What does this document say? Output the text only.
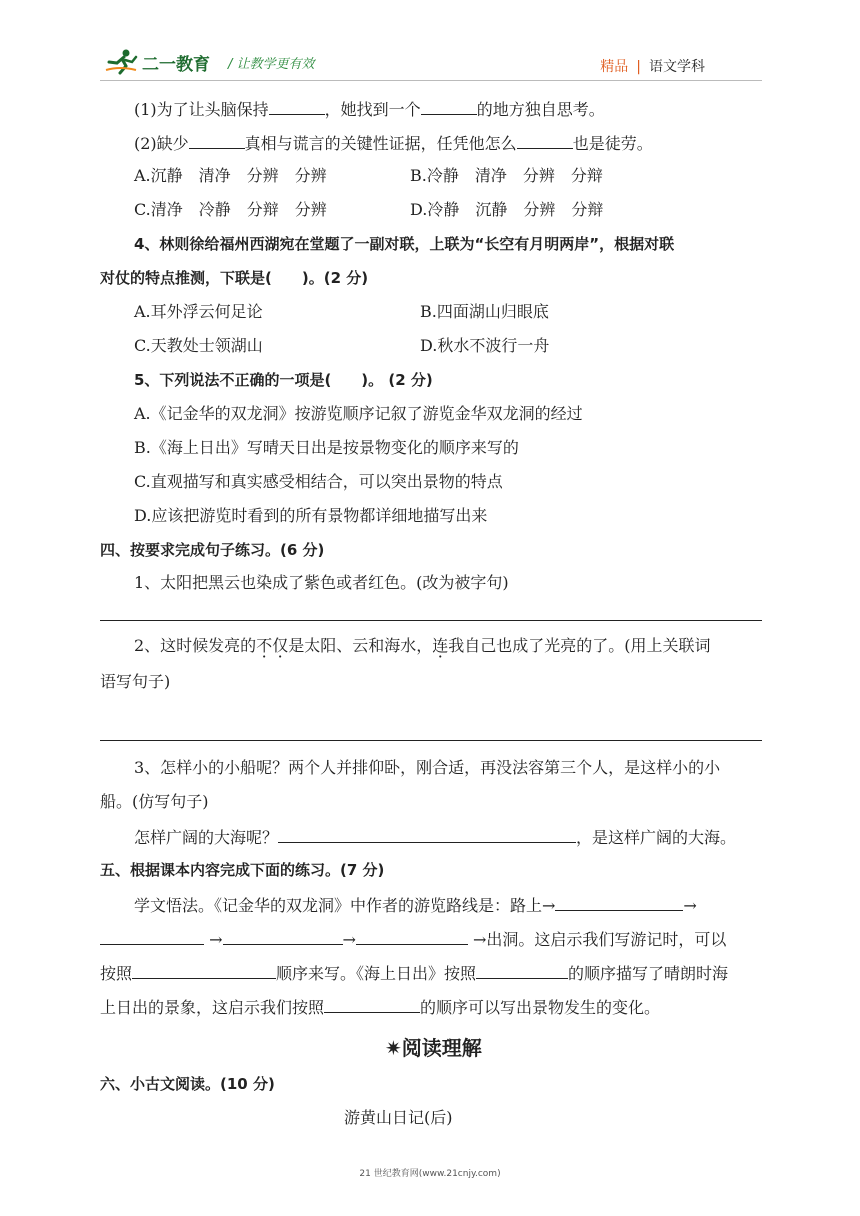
二一教育 / 让教学更有效	精品 | 语文学科
(1)为了让头脑保持	，她找到一个	的地方独自思考。
(2)缺少	真相与谎言的关键性证据，任凭他怎么	也是徒劳。
A.沉静　清净　分辨　分辨	B.冷静　清净　分辨　分辩
C.清净　冷静　分辩　分辨	D.冷静　沉静　分辨　分辩
4、林则徐给福州西湖宛在堂题了一副对联，上联为“长空有月明两岸”，根据对联
对仗的特点推测，下联是(　　)。(2 分)
A.耳外浮云何足论	B.四面湖山归眼底
C.天教处士领湖山	D.秋水不波行一舟
5、下列说法不正确的一项是(　　)。 (2 分)
A.《记金华的双龙洞》按游览顺序记叙了游览金华双龙洞的经过
B.《海上日出》写晴天日出是按景物变化的顺序来写的
C.直观描写和真实感受相结合，可以突出景物的特点
D.应该把游览时看到的所有景物都详细地描写出来
四、按要求完成句子练习。(6 分)
1、太阳把黑云也染成了紫色或者红色。(改为被字句)
2、这时候发亮的不仅是太阳、云和海水，连我自己也成了光亮的了。(用上关联词
语写句子)
3、怎样小的小船呢？两个人并排仰卧，刚合适，再没法容第三个人，是这样小的小
船。(仿写句子)
怎样广阔的大海呢？	，是这样广阔的大海。
五、根据课本内容完成下面的练习。(7 分)
学文悟法。《记金华的双龙洞》中作者的游览路线是：路上→	→
→	→	→出洞。这启示我们写游记时，可以
按照	顺序来写。《海上日出》按照	的顺序描写了晴朗时海
上日出的景象，这启示我们按照	的顺序可以写出景物发生的变化。
✷阅读理解
六、小古文阅读。(10 分)
游黄山日记(后)
21 世纪教育网(www.21cnjy.com)
